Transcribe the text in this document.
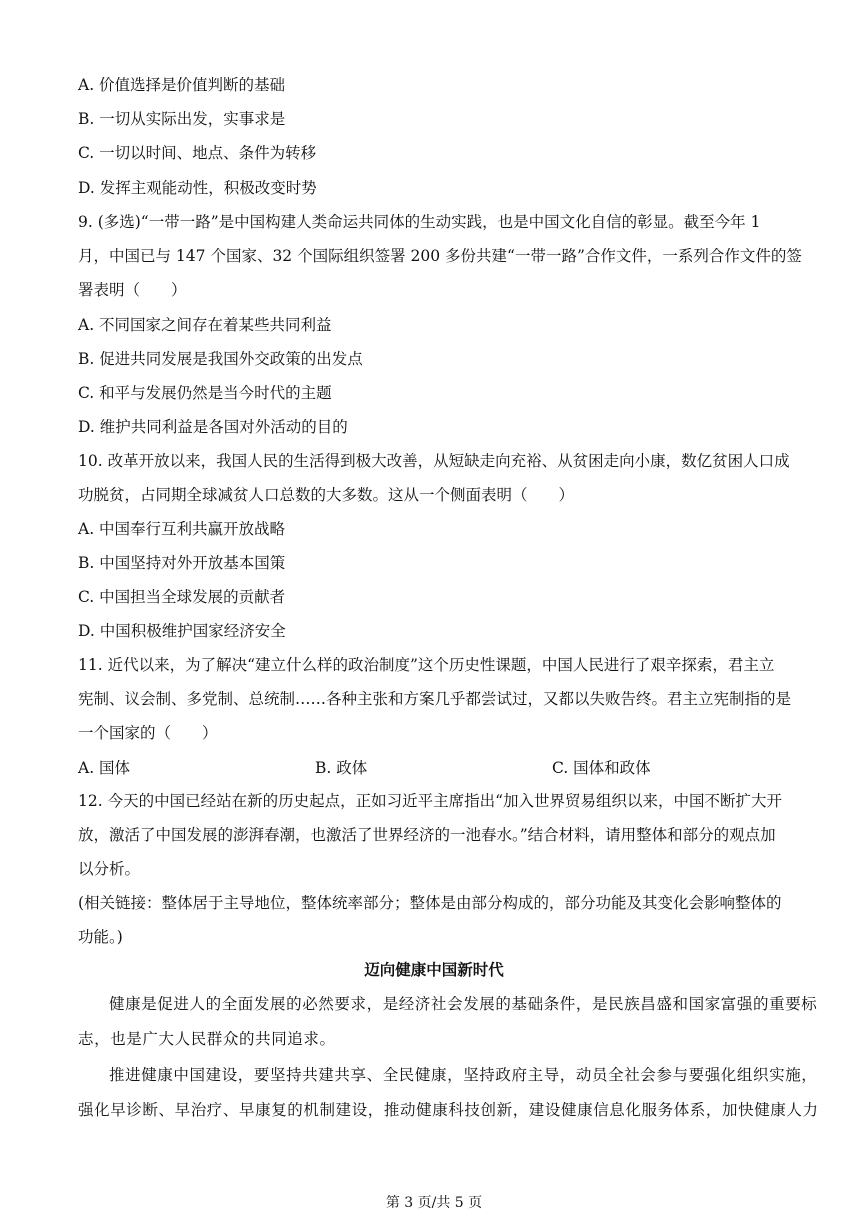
A. 价值选择是价值判断的基础
B. 一切从实际出发，实事求是
C. 一切以时间、地点、条件为转移
D. 发挥主观能动性，积极改变时势
9. (多选)“一带一路”是中国构建人类命运共同体的生动实践，也是中国文化自信的彰显。截至今年 1
月，中国已与 147 个国家、32 个国际组织签署 200 多份共建“一带一路”合作文件，一系列合作文件的签
署表明（　　）
A. 不同国家之间存在着某些共同利益
B. 促进共同发展是我国外交政策的出发点
C. 和平与发展仍然是当今时代的主题
D. 维护共同利益是各国对外活动的目的
10. 改革开放以来，我国人民的生活得到极大改善，从短缺走向充裕、从贫困走向小康，数亿贫困人口成
功脱贫，占同期全球减贫人口总数的大多数。这从一个侧面表明（　　）
A. 中国奉行互利共赢开放战略
B. 中国坚持对外开放基本国策
C. 中国担当全球发展的贡献者
D. 中国积极维护国家经济安全
11. 近代以来，为了解决“建立什么样的政治制度”这个历史性课题，中国人民进行了艰辛探索，君主立
宪制、议会制、多党制、总统制……各种主张和方案几乎都尝试过，又都以失败告终。君主立宪制指的是
一个国家的（　　）
A. 国体	B. 政体	C. 国体和政体
12. 今天的中国已经站在新的历史起点，正如习近平主席指出“加入世界贸易组织以来，中国不断扩大开
放，激活了中国发展的澎湃春潮，也激活了世界经济的一池春水。”结合材料，请用整体和部分的观点加
以分析。
(相关链接：整体居于主导地位，整体统率部分；整体是由部分构成的，部分功能及其变化会影响整体的
功能。)
迈向健康中国新时代
健康是促进人的全面发展的必然要求，是经济社会发展的基础条件，是民族昌盛和国家富强的重要标
志，也是广大人民群众的共同追求。
推进健康中国建设，要坚持共建共享、全民健康，坚持政府主导，动员全社会参与要强化组织实施，
强化早诊断、早治疗、早康复的机制建设，推动健康科技创新，建设健康信息化服务体系，加快健康人力
第 3 页/共 5 页
